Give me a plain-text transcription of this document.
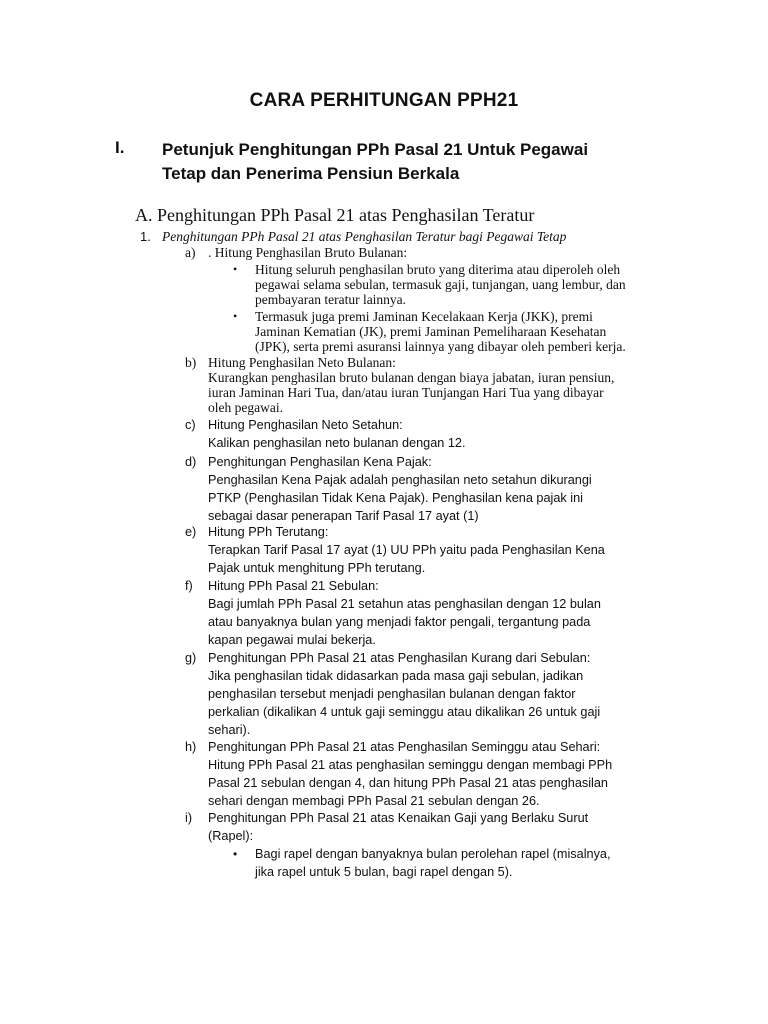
CARA PERHITUNGAN PPH21
I. Petunjuk Penghitungan PPh Pasal 21 Untuk Pegawai
Tetap dan Penerima Pensiun Berkala
A. Penghitungan PPh Pasal 21 atas Penghasilan Teratur
1. Penghitungan PPh Pasal 21 atas Penghasilan Teratur bagi Pegawai Tetap
a) . Hitung Penghasilan Bruto Bulanan:
•	Hitung seluruh penghasilan bruto yang diterima atau diperoleh oleh
pegawai selama sebulan, termasuk gaji, tunjangan, uang lembur, dan
pembayaran teratur lainnya.
•	Termasuk juga premi Jaminan Kecelakaan Kerja (JKK), premi
Jaminan Kematian (JK), premi Jaminan Pemeliharaan Kesehatan
(JPK), serta premi asuransi lainnya yang dibayar oleh pemberi kerja.
b) Hitung Penghasilan Neto Bulanan:
Kurangkan penghasilan bruto bulanan dengan biaya jabatan, iuran pensiun,
iuran Jaminan Hari Tua, dan/atau iuran Tunjangan Hari Tua yang dibayar
oleh pegawai.
c) Hitung Penghasilan Neto Setahun:
Kalikan penghasilan neto bulanan dengan 12.
d) Penghitungan Penghasilan Kena Pajak:
Penghasilan Kena Pajak adalah penghasilan neto setahun dikurangi
PTKP (Penghasilan Tidak Kena Pajak). Penghasilan kena pajak ini
sebagai dasar penerapan Tarif Pasal 17 ayat (1)
e) Hitung PPh Terutang:
Terapkan Tarif Pasal 17 ayat (1) UU PPh yaitu pada Penghasilan Kena
Pajak untuk menghitung PPh terutang.
f)	Hitung PPh Pasal 21 Sebulan:
Bagi jumlah PPh Pasal 21 setahun atas penghasilan dengan 12 bulan
atau banyaknya bulan yang menjadi faktor pengali, tergantung pada
kapan pegawai mulai bekerja.
g) Penghitungan PPh Pasal 21 atas Penghasilan Kurang dari Sebulan:
Jika penghasilan tidak didasarkan pada masa gaji sebulan, jadikan
penghasilan tersebut menjadi penghasilan bulanan dengan faktor
perkalian (dikalikan 4 untuk gaji seminggu atau dikalikan 26 untuk gaji
sehari).
h) Penghitungan PPh Pasal 21 atas Penghasilan Seminggu atau Sehari:
Hitung PPh Pasal 21 atas penghasilan seminggu dengan membagi PPh
Pasal 21 sebulan dengan 4, dan hitung PPh Pasal 21 atas penghasilan
sehari dengan membagi PPh Pasal 21 sebulan dengan 26.
i)	Penghitungan PPh Pasal 21 atas Kenaikan Gaji yang Berlaku Surut
(Rapel):
•	Bagi rapel dengan banyaknya bulan perolehan rapel (misalnya,
jika rapel untuk 5 bulan, bagi rapel dengan 5).
